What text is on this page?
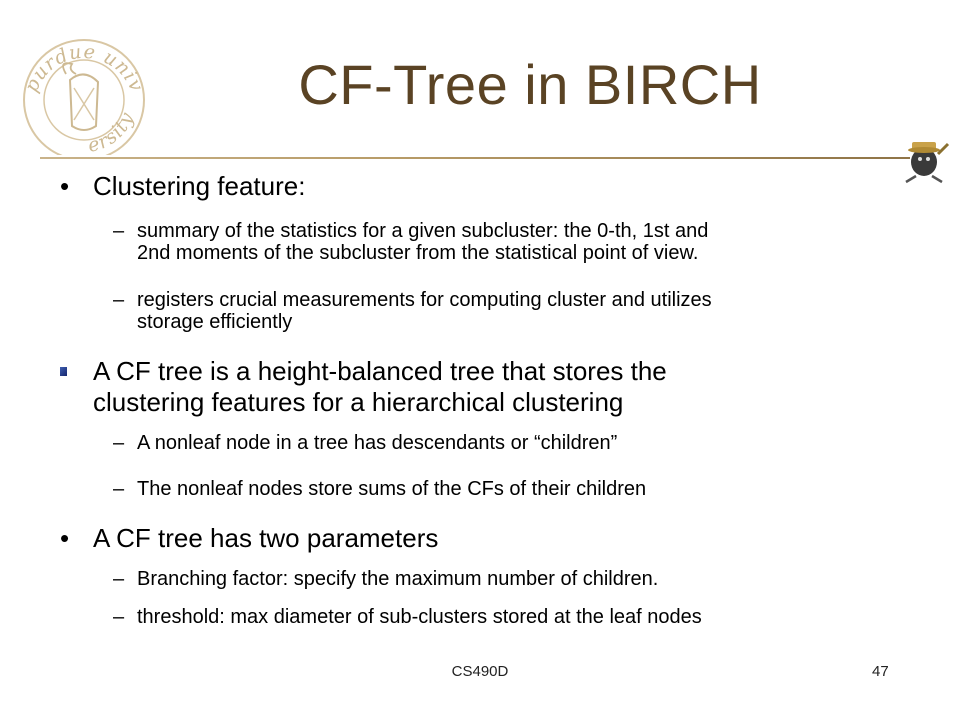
purdue univ
ersity
CF-Tree in BIRCH
• Clustering feature:
– summary of the statistics for a given subcluster: the 0-th, 1st and
2nd moments of the subcluster from the statistical point of view.
– registers crucial measurements for computing cluster and utilizes
storage efficiently
A CF tree is a height-balanced tree that stores the
clustering features for a hierarchical clustering
– A nonleaf node in a tree has descendants or “children”
– The nonleaf nodes store sums of the CFs of their children
• A CF tree has two parameters
– Branching factor: specify the maximum number of children.
– threshold: max diameter of sub-clusters stored at the leaf nodes
CS490D	47
